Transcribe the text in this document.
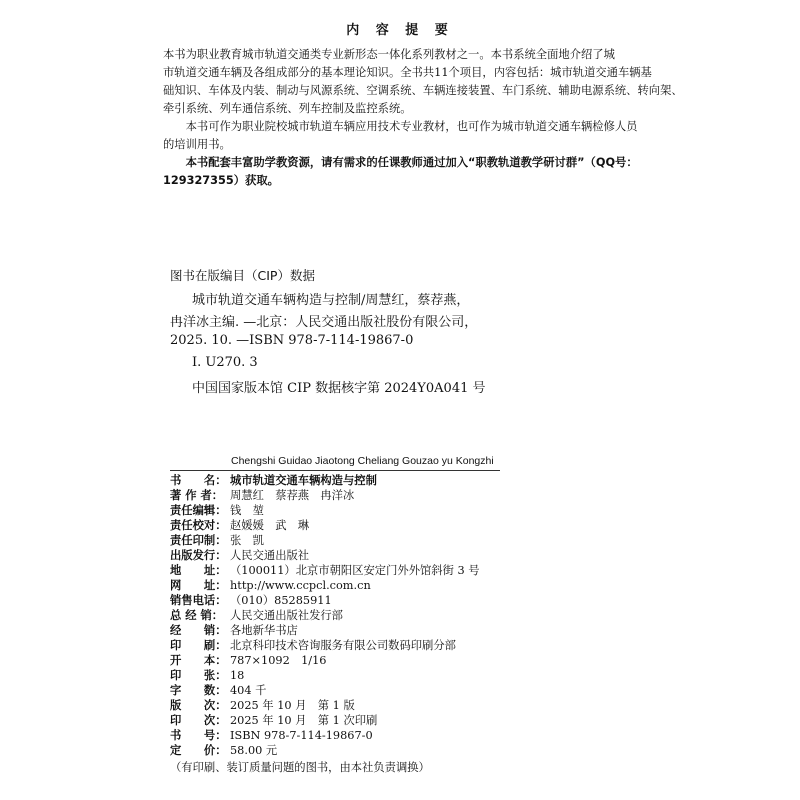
内 容 提 要
本书为职业教育城市轨道交通类专业新形态一体化系列教材之一。本书系统全面地介绍了城
市轨道交通车辆及各组成部分的基本理论知识。全书共11个项目，内容包括：城市轨道交通车辆基
础知识、车体及内装、制动与风源系统、空调系统、车辆连接装置、车门系统、辅助电源系统、转向架、
牵引系统、列车通信系统、列车控制及监控系统。
　　本书可作为职业院校城市轨道车辆应用技术专业教材，也可作为城市轨道交通车辆检修人员
的培训用书。
　　本书配套丰富助学教资源，请有需求的任课教师通过加入“职教轨道教学研讨群”（QQ号：
129327355）获取。
图书在版编目（CIP）数据
城市轨道交通车辆构造与控制/周慧红，蔡荐燕，
冉洋冰主编. —北京：人民交通出版社股份有限公司，
2025. 10. —ISBN 978-7-114-19867-0
Ⅰ. U270. 3
中国国家版本馆 CIP 数据核字第 2024Y0A041 号
Chengshi Guidao Jiaotong Cheliang Gouzao yu Kongzhi
书　　名： 城市轨道交通车辆构造与控制
著 作 者： 周慧红　蔡荐燕　冉洋冰
责任编辑： 钱　堃
责任校对： 赵媛媛　武　琳
责任印制： 张　凯
出版发行： 人民交通出版社
地　　址： （100011）北京市朝阳区安定门外外馆斜街 3 号
网　　址： http://www.ccpcl.com.cn
销售电话： （010）85285911
总 经 销： 人民交通出版社发行部
经　　销： 各地新华书店
印　　刷： 北京科印技术咨询服务有限公司数码印刷分部
开　　本： 787×1092　1/16
印　　张： 18
字　　数： 404 千
版　　次： 2025 年 10 月　第 1 版
印　　次： 2025 年 10 月　第 1 次印刷
书　　号： ISBN 978-7-114-19867-0
定　　价： 58.00 元
（有印刷、装订质量问题的图书，由本社负责调换）
